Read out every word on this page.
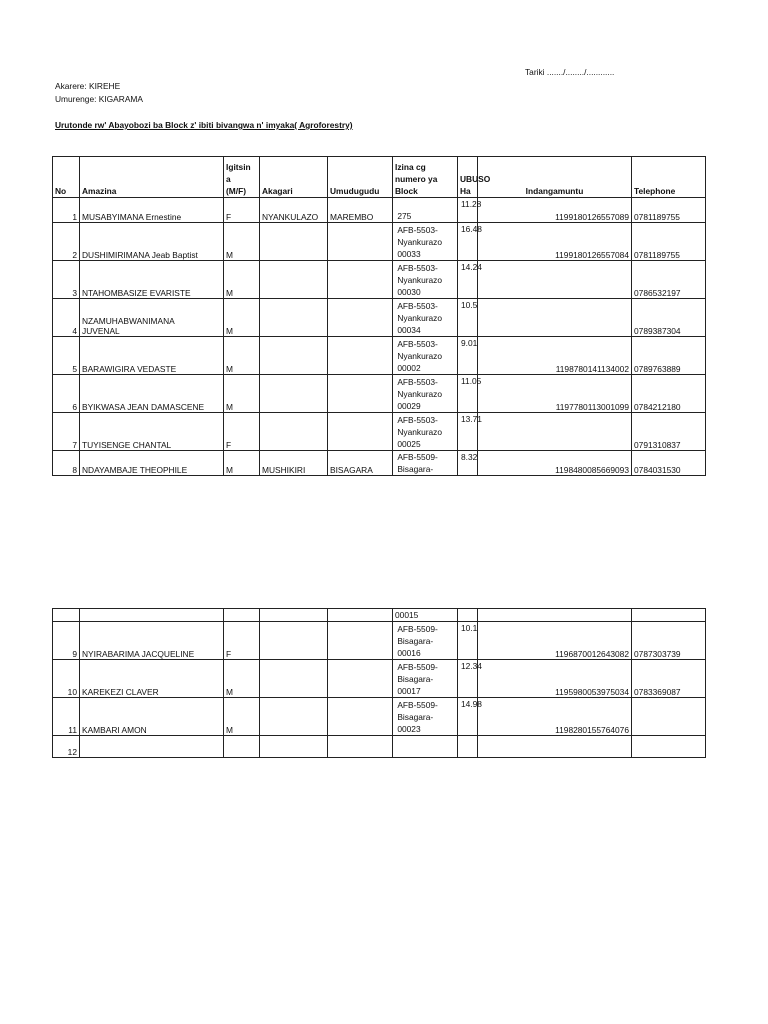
Tariki ......./......../............
Akarere: KIREHE
Umurenge: KIGARAMA
Urutonde rw' Abayobozi ba Block z' ibiti bivangwa n' imyaka( Agroforestry)
No	Amazina	Igitsin
a
(M/F)	Akagari	Umudugudu	Izina cg
numero ya
Block	UBUSO
Ha	Indangamuntu	Telephone
1	MUSABYIMANA Ernestine	F	NYANKULAZO	MAREMBO	275	11.28	1199180126557089	0781189755
2	DUSHIMIRIMANA Jeab Baptist	M			AFB-5503-
Nyankurazo
00033	16.48	1199180126557084	0781189755
3	NTAHOMBASIZE EVARISTE	M			AFB-5503-
Nyankurazo
00030	14.24		0786532197
4	NZAMUHABWANIMANA
JUVENAL	M			AFB-5503-
Nyankurazo
00034	10.5		0789387304
5	BARAWIGIRA VEDASTE	M			AFB-5503-
Nyankurazo
00002	9.01	1198780141134002	0789763889
6	BYIKWASA JEAN DAMASCENE	M			AFB-5503-
Nyankurazo
00029	11.05	1197780113001099	0784212180
7	TUYISENGE CHANTAL	F			AFB-5503-
Nyankurazo
00025	13.71		0791310837
8	NDAYAMBAJE THEOPHILE	M	MUSHIKIRI	BISAGARA	AFB-5509-
Bisagara-	8.32	1198480085669093	0784031530
					00015			
9	NYIRABARIMA JACQUELINE	F			AFB-5509-
Bisagara-
00016	10.1	1196870012643082	0787303739
10	KAREKEZI CLAVER	M			AFB-5509-
Bisagara-
00017	12.34	1195980053975034	0783369087
11	KAMBARI AMON	M			AFB-5509-
Bisagara-
00023	14.98	1198280155764076	
12								
